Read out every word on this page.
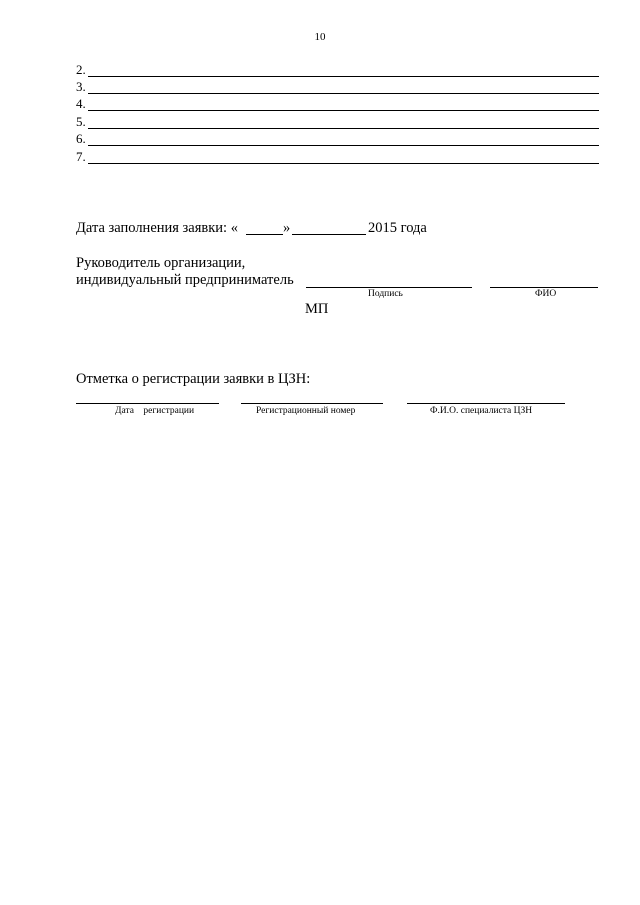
10
2.
3.
4.
5.
6.
7.
Дата заполнения заявки: «	»	2015 года
Руководитель организации,
индивидуальный предприниматель
Подпись	ФИО
МП
Отметка о регистрации заявки в ЦЗН:
Дата    регистрации	Регистрационный номер	Ф.И.О. специалиста ЦЗН
